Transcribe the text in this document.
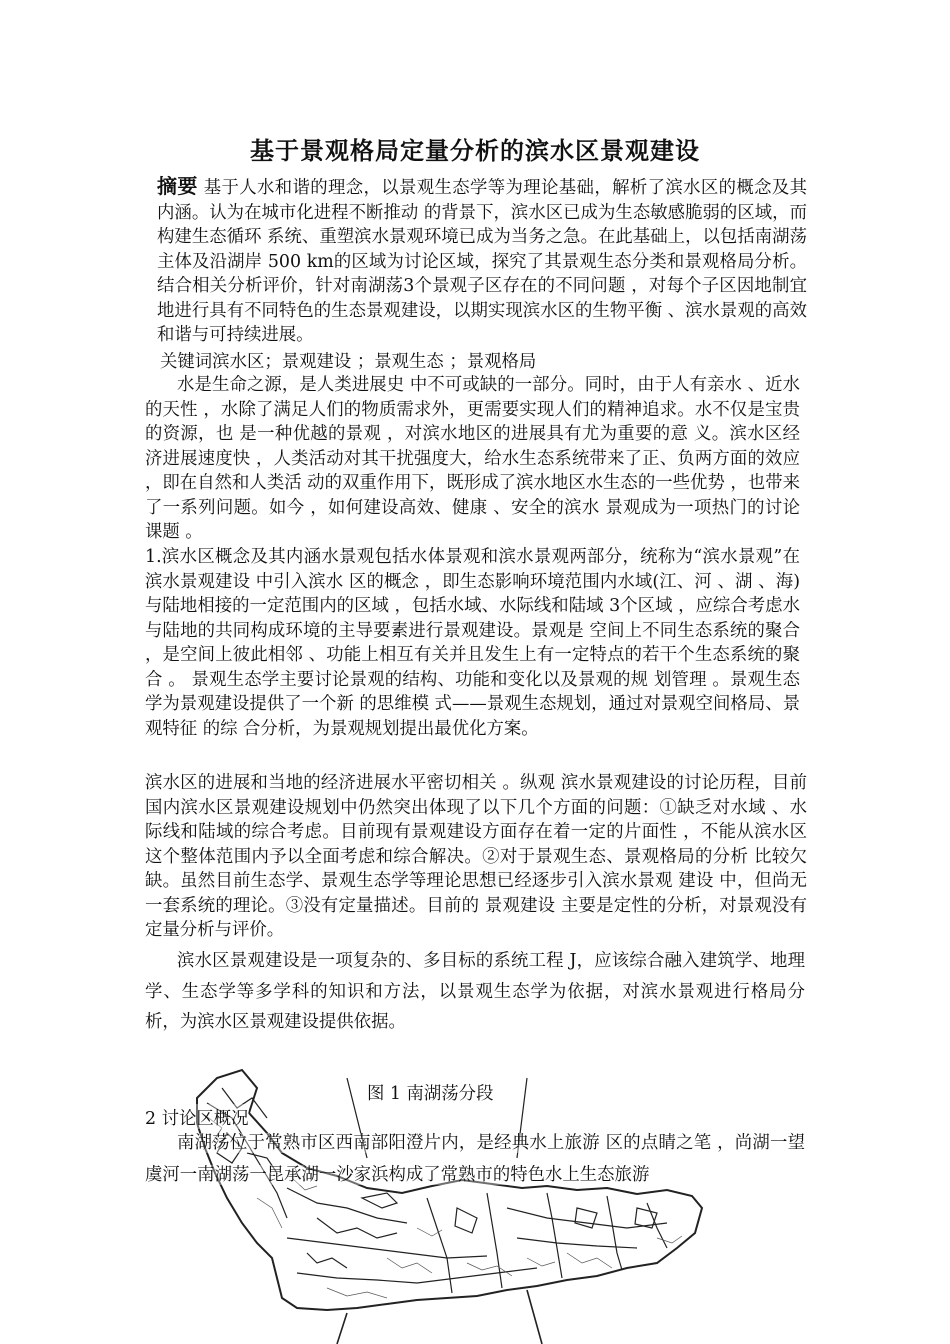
基于景观格局定量分析的滨水区景观建设

摘要 基于人水和谐的理念，以景观生态学等为理论基础，解析了滨水区的概念及其内涵。认为在城市化进程不断推动 的背景下，滨水区已成为生态敏感脆弱的区域，而构建生态循环 系统、重塑滨水景观环境已成为当务之急。在此基础上，以包括南湖荡主体及沿湖岸 500 km的区域为讨论区域，探究了其景观生态分类和景观格局分析。结合相关分析评价，针对南湖荡3个景观子区存在的不同问题 ，对每个子区因地制宜地进行具有不同特色的生态景观建设，以期实现滨水区的生物平衡 、滨水景观的高效和谐与可持续进展。

关键词滨水区；景观建设 ；景观生态 ；景观格局

水是生命之源，是人类进展史 中不可或缺的一部分。同时，由于人有亲水 、近水的天性 ，水除了满足人们的物质需求外，更需要实现人们的精神追求。水不仅是宝贵的资源，也 是一种优越的景观 ，对滨水地区的进展具有尤为重要的意 义。滨水区经济进展速度快 ，人类活动对其干扰强度大，给水生态系统带来了正、负两方面的效应 ，即在自然和人类活 动的双重作用下，既形成了滨水地区水生态的一些优势 ，也带来了一系列问题。如今 ，如何建设高效、健康 、安全的滨水 景观成为一项热门的讨论课题 。

1.滨水区概念及其内涵水景观包括水体景观和滨水景观两部分，统称为“滨水景观”在滨水景观建设 中引入滨水 区的概念 ，即生态影响环境范围内水域(江、河 、湖 、海)与陆地相接的一定范围内的区域 ，包括水域、水际线和陆域 3个区域 ，应综合考虑水与陆地的共同构成环境的主导要素进行景观建设。景观是 空间上不同生态系统的聚合 ，是空间上彼此相邻 、功能上相互有关并且发生上有一定特点的若干个生态系统的聚合 。 景观生态学主要讨论景观的结构、功能和变化以及景观的规 划管理 。景观生态学为景观建设提供了一个新 的思维模 式——景观生态规划，通过对景观空间格局、景观特征 的综 合分析，为景观规划提出最优化方案。

滨水区的进展和当地的经济进展水平密切相关 。纵观 滨水景观建设的讨论历程，目前国内滨水区景观建设规划中仍然突出体现了以下几个方面的问题：①缺乏对水域 、水际线和陆域的综合考虑。目前现有景观建设方面存在着一定的片面性 ，不能从滨水区这个整体范围内予以全面考虑和综合解决。②对于景观生态、景观格局的分析 比较欠缺。虽然目前生态学、景观生态学等理论思想已经逐步引入滨水景观 建设 中，但尚无一套系统的理论。③没有定量描述。目前的 景观建设 主要是定性的分析，对景观没有定量分析与评价。

滨水区景观建设是一项复杂的、多目标的系统工程 J，应该综合融入建筑学、地理学、生态学等多学科的知识和方法，以景观生态学为依据，对滨水景观进行格局分析，为滨水区景观建设提供依据。

图 1 南湖荡分段
2 讨论区概况

南湖荡位于常熟市区西南部阳澄片内，是经典水上旅游 区的点睛之笔 ，尚湖一望虞河一南湖荡一昆承湖一沙家浜构成了常熟市的特色水上生态旅游
